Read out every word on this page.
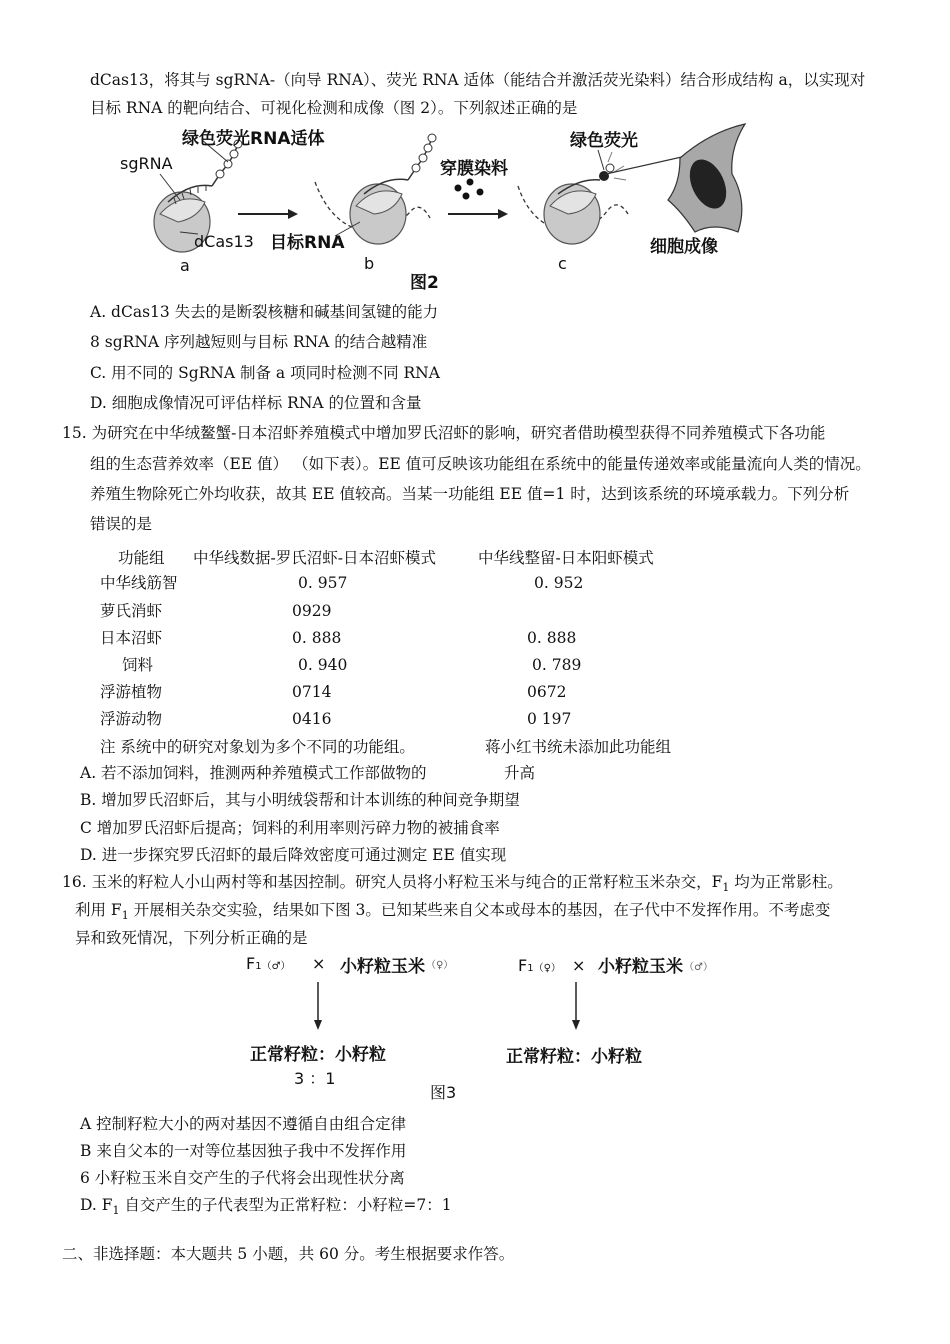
dCas13，将其与 sgRNA-（向导 RNA）、荧光 RNA 适体（能结合并激活荧光染料）结合形成结构 a，以实现对
目标 RNA 的靶向结合、可视化检测和成像（图 2）。下列叙述正确的是
绿色荧光RNA适体
sgRNA
dCas13 目标RNA
穿膜染料
绿色荧光
细胞成像
a	b	c
图2
A. dCas13 失去的是断裂核糖和碱基间氢键的能力
8 sgRNA 序列越短则与目标 RNA 的结合越精准
C. 用不同的 SgRNA 制备 a 项同时检测不同 RNA
D. 细胞成像情况可评估样标 RNA 的位置和含量
15. 为研究在中华绒鳌蟹-日本沼虾养殖模式中增加罗氏沼虾的影响，研究者借助模型获得不同养殖模式下各功能
组的生态营养效率（EE 值） （如下表）。EE 值可反映该功能组在系统中的能量传递效率或能量流向人类的情况。
养殖生物除死亡外均收获，故其 EE 值较高。当某一功能组 EE 值=1 时，达到该系统的环境承载力。下列分析
错误的是
功能组 中华线数据-罗氏沼虾-日本沼虾模式	中华线整留-日本阳虾模式
中华线筋智	0. 957	0. 952
萝氏消虾	0929
日本沼虾	0. 888	0. 888
饲料	0. 940	0. 789
浮游植物	0714	0672
浮游动物	0416	0 197
注 系统中的研究对象划为多个不同的功能组。	蒋小红书统未添加此功能组
A. 若不添加饲料，推测两种养殖模式工作部做物的	升高
B. 增加罗氏沼虾后，其与小明绒袋帮和计本训练的种间竞争期望
C 增加罗氏沼虾后提高；饲料的利用率则污碎力物的被捕食率
D. 进一步探究罗氏沼虾的最后降效密度可通过测定 EE 值实现
16. 玉米的籽粒人小山两村等和基因控制。研究人员将小籽粒玉米与纯合的正常籽粒玉米杂交，$F_1$ 均为正常影柱。
利用 $F_1$ 开展相关杂交实验，结果如下图 3。已知某些来自父本或母本的基因，在子代中不发挥作用。不考虑变
异和致死情况，下列分析正确的是
F1（♂） × 小籽粒玉米 （♀）	F1（♀） × 小籽粒玉米 （♂）
正常籽粒：小籽粒
3 ：1
正常籽粒：小籽粒
图3
A 控制籽粒大小的两对基因不遵循自由组合定律
B 来自父本的一对等位基因独子我中不发挥作用
6 小籽粒玉米自交产生的子代将会出现性状分离
D. $F_1$ 自交产生的子代表型为正常籽粒：小籽粒=7：1
二、非选择题：本大题共 5 小题，共 60 分。考生根据要求作答。
